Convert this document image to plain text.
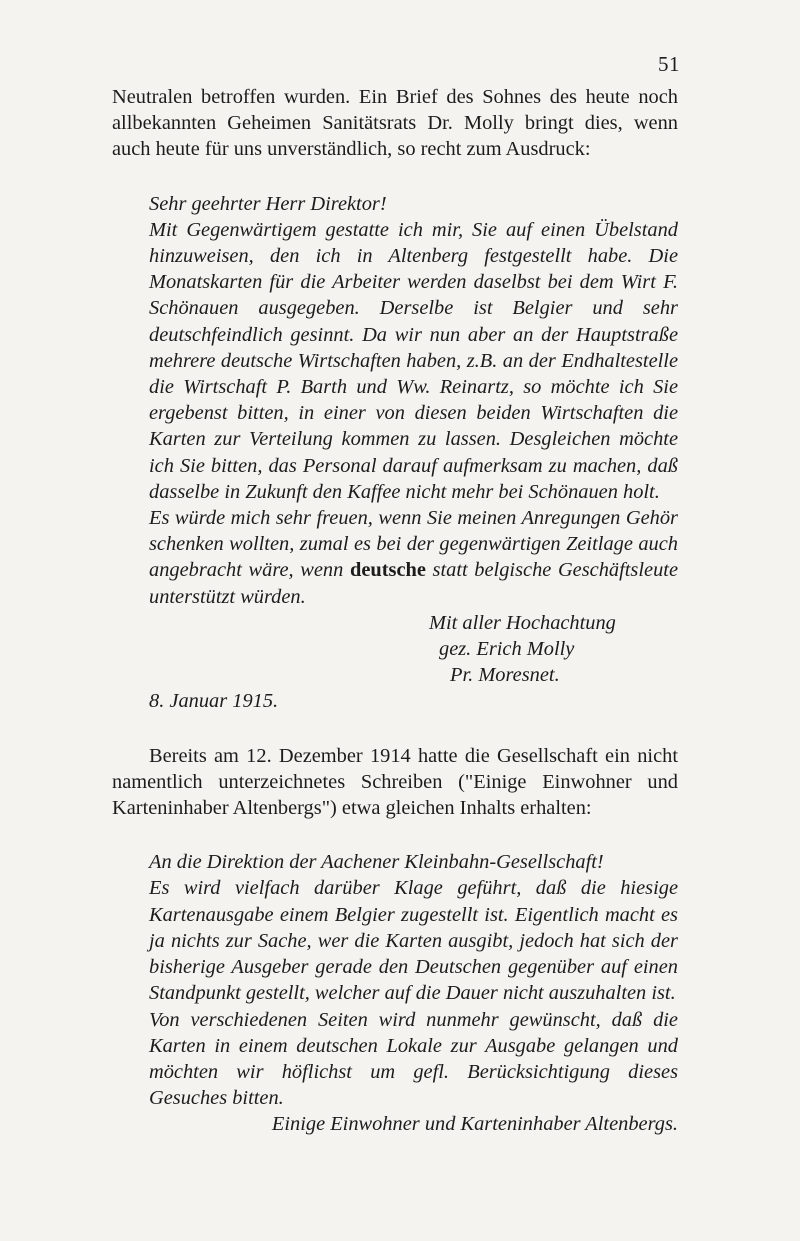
51

Neutralen betroffen wurden. Ein Brief des Sohnes des heute noch

allbekannten Geheimen Sanitätsrats Dr. Molly bringt dies, wenn

auch heute für uns unverständlich, so recht zum Ausdruck:

Sehr geehrter Herr Direktor!

Mit Gegenwärtigem gestatte ich mir, Sie auf einen Übelstand hinzuweisen, den ich in Altenberg festgestellt habe. Die Monatskarten für die Arbeiter werden daselbst bei dem Wirt F. Schönauen ausgegeben. Derselbe ist Belgier und sehr deutschfeindlich gesinnt. Da wir nun aber an der Hauptstraße mehrere deutsche Wirtschaften haben, z.B. an der Endhaltestelle die Wirtschaft P. Barth und Ww. Reinartz, so möchte ich Sie ergebenst bitten, in einer von diesen beiden Wirtschaften die Karten zur Verteilung kommen zu lassen. Desgleichen möchte ich Sie bitten, das Personal darauf aufmerksam zu machen, daß dasselbe in Zukunft den Kaffee nicht mehr bei Schönauen holt.

Es würde mich sehr freuen, wenn Sie meinen Anregungen Gehör schenken wollten, zumal es bei der gegenwärtigen Zeitlage auch angebracht wäre, wenn deutsche statt belgische Geschäftsleute unterstützt würden.

Mit aller Hochachtung
gez. Erich Molly
Pr. Moresnet.

8. Januar 1915.

Bereits am 12. Dezember 1914 hatte die Gesellschaft ein nicht namentlich unterzeichnetes Schreiben ("Einige Einwohner und Karteninhaber Altenbergs") etwa gleichen Inhalts erhalten:

An die Direktion der Aachener Kleinbahn-Gesellschaft!

Es wird vielfach darüber Klage geführt, daß die hiesige Kartenausgabe einem Belgier zugestellt ist. Eigentlich macht es ja nichts zur Sache, wer die Karten ausgibt, jedoch hat sich der bisherige Ausgeber gerade den Deutschen gegenüber auf einen Standpunkt gestellt, welcher auf die Dauer nicht auszuhalten ist.

Von verschiedenen Seiten wird nunmehr gewünscht, daß die Karten in einem deutschen Lokale zur Ausgabe gelangen und möchten wir höflichst um gefl. Berücksichtigung dieses Gesuches bitten.

Einige Einwohner und Karteninhaber Altenbergs.
